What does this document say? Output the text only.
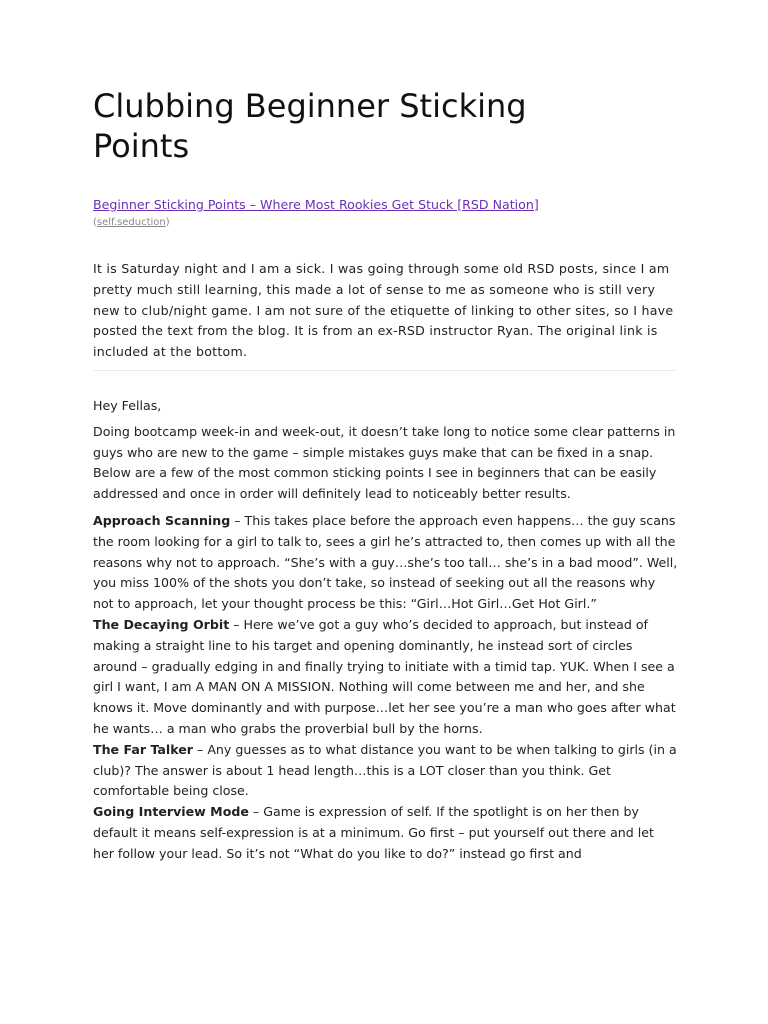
Clubbing Beginner Sticking Points
Beginner Sticking Points – Where Most Rookies Get Stuck [RSD Nation] (self.seduction)
It is Saturday night and I am a sick. I was going through some old RSD posts, since I am pretty much still learning, this made a lot of sense to me as someone who is still very new to club/night game. I am not sure of the etiquette of linking to other sites, so I have posted the text from the blog. It is from an ex-RSD instructor Ryan. The original link is included at the bottom.
Hey Fellas,
Doing bootcamp week-in and week-out, it doesn’t take long to notice some clear patterns in guys who are new to the game – simple mistakes guys make that can be fixed in a snap. Below are a few of the most common sticking points I see in beginners that can be easily addressed and once in order will definitely lead to noticeably better results.
Approach Scanning – This takes place before the approach even happens… the guy scans the room looking for a girl to talk to, sees a girl he’s attracted to, then comes up with all the reasons why not to approach. “She’s with a guy…she’s too tall… she’s in a bad mood”. Well, you miss 100% of the shots you don’t take, so instead of seeking out all the reasons why not to approach, let your thought process be this: “Girl…Hot Girl…Get Hot Girl.”
The Decaying Orbit – Here we’ve got a guy who’s decided to approach, but instead of making a straight line to his target and opening dominantly, he instead sort of circles around – gradually edging in and finally trying to initiate with a timid tap. YUK. When I see a girl I want, I am A MAN ON A MISSION. Nothing will come between me and her, and she knows it. Move dominantly and with purpose…let her see you’re a man who goes after what he wants… a man who grabs the proverbial bull by the horns.
The Far Talker – Any guesses as to what distance you want to be when talking to girls (in a club)? The answer is about 1 head length…this is a LOT closer than you think. Get comfortable being close.
Going Interview Mode – Game is expression of self. If the spotlight is on her then by default it means self-expression is at a minimum. Go first – put yourself out there and let her follow your lead. So it’s not “What do you like to do?” instead go first and
